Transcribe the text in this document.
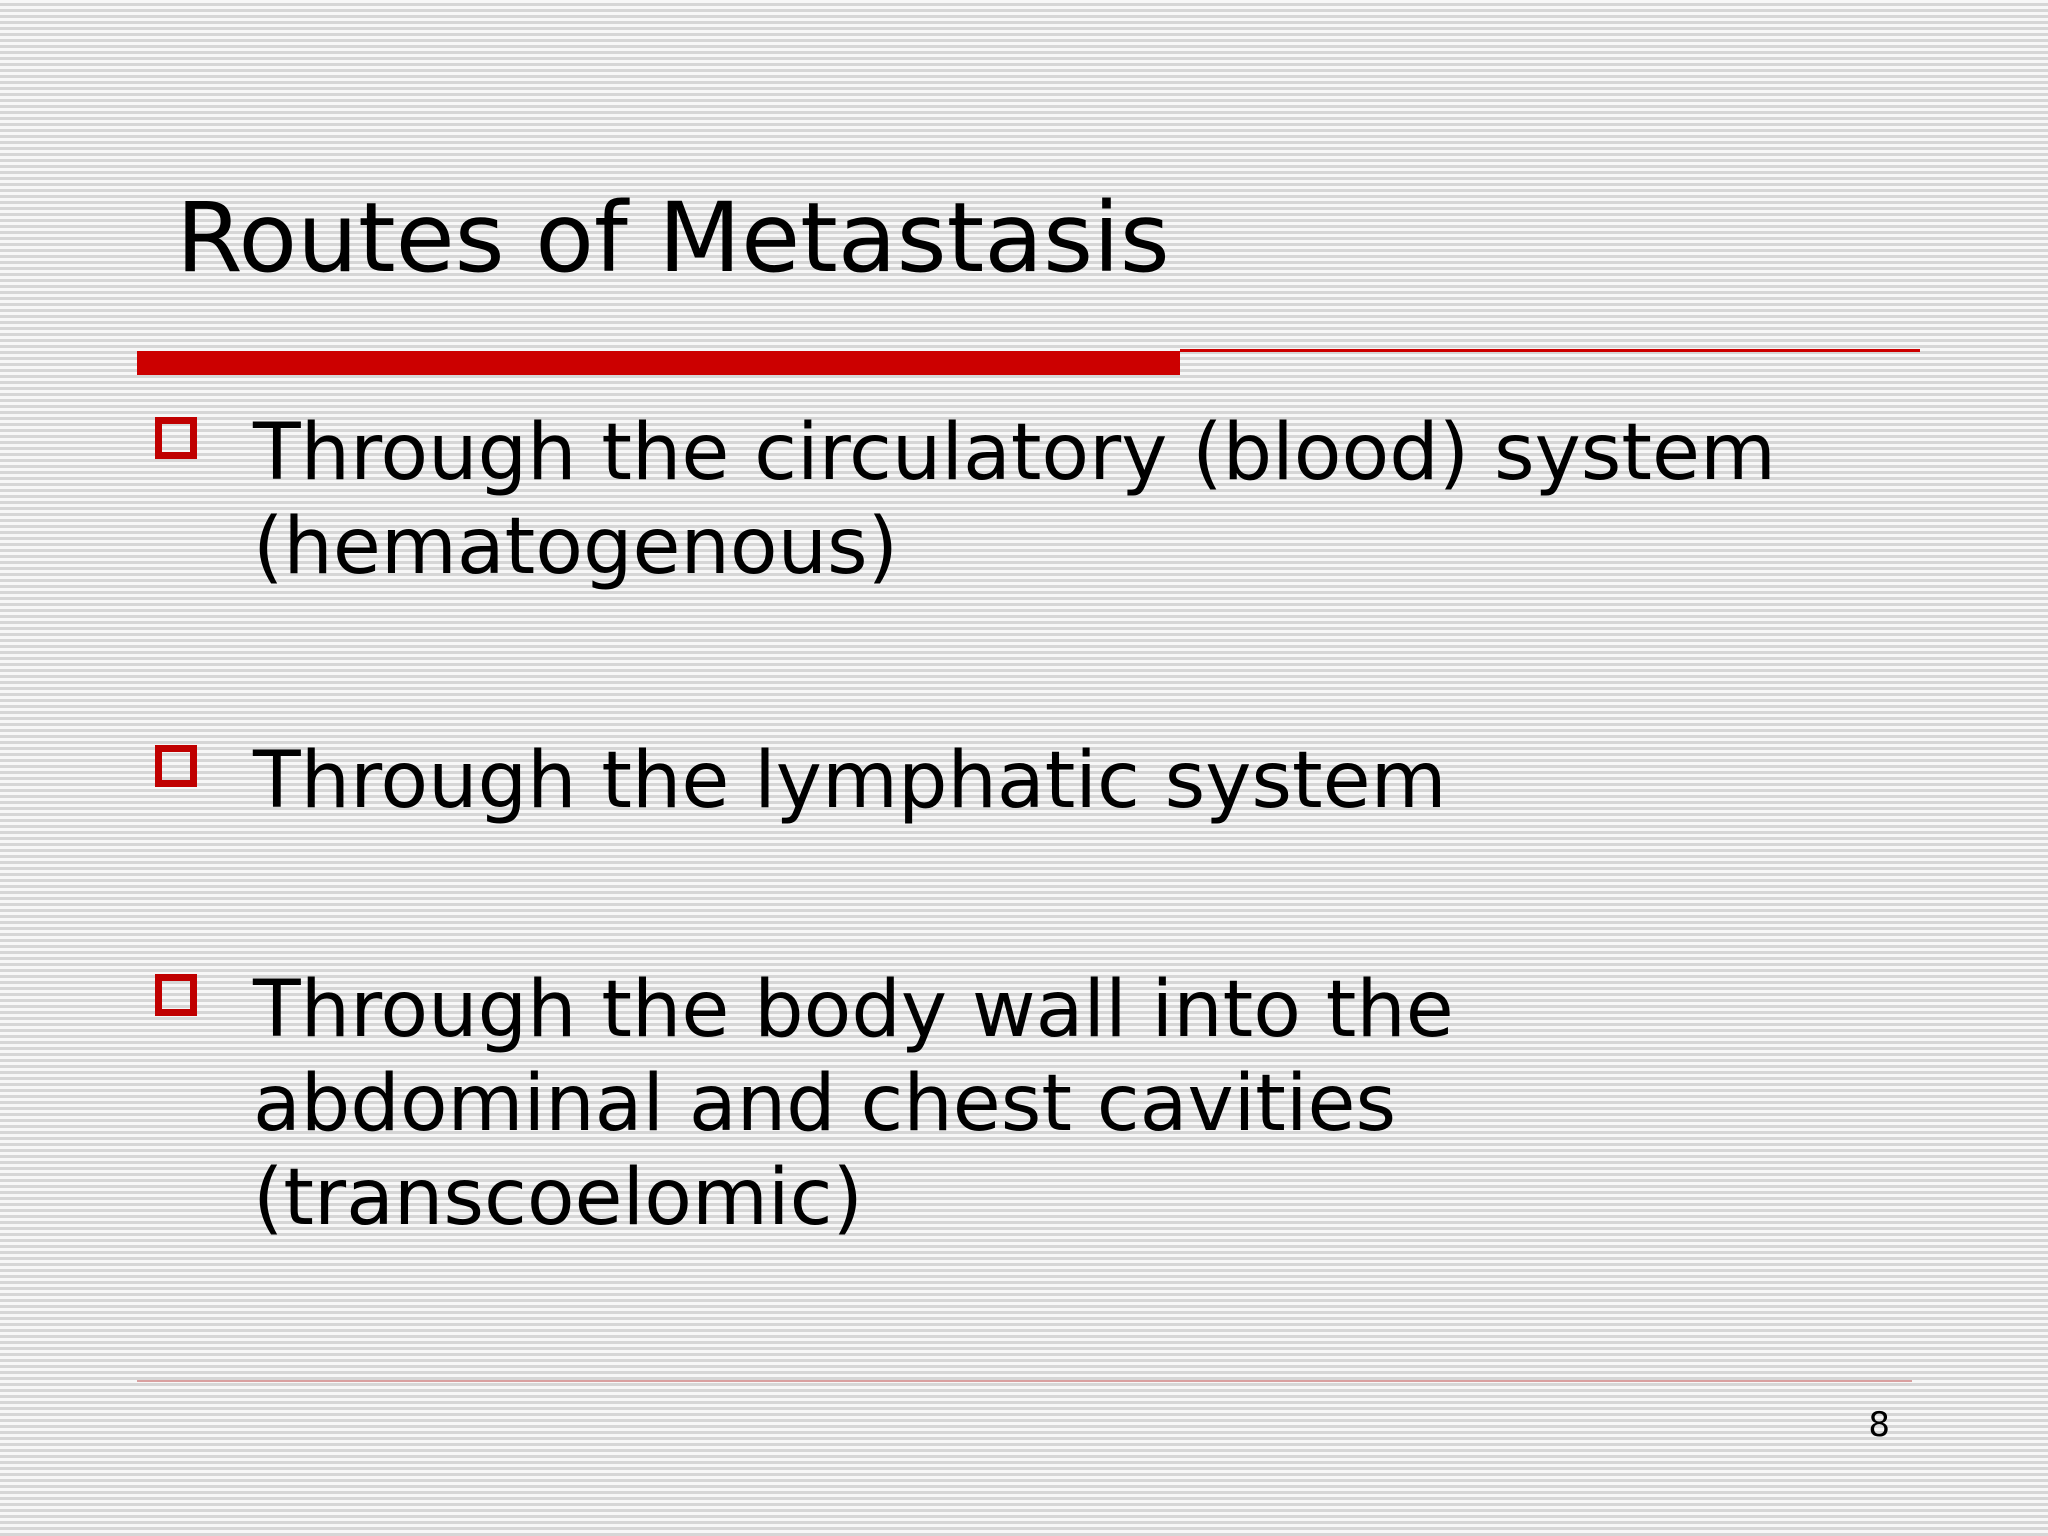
Routes of Metastasis
Through the circulatory (blood) system
(hematogenous)
Through the lymphatic system
Through the body wall into the
abdominal and chest cavities
(transcoelomic)
8
